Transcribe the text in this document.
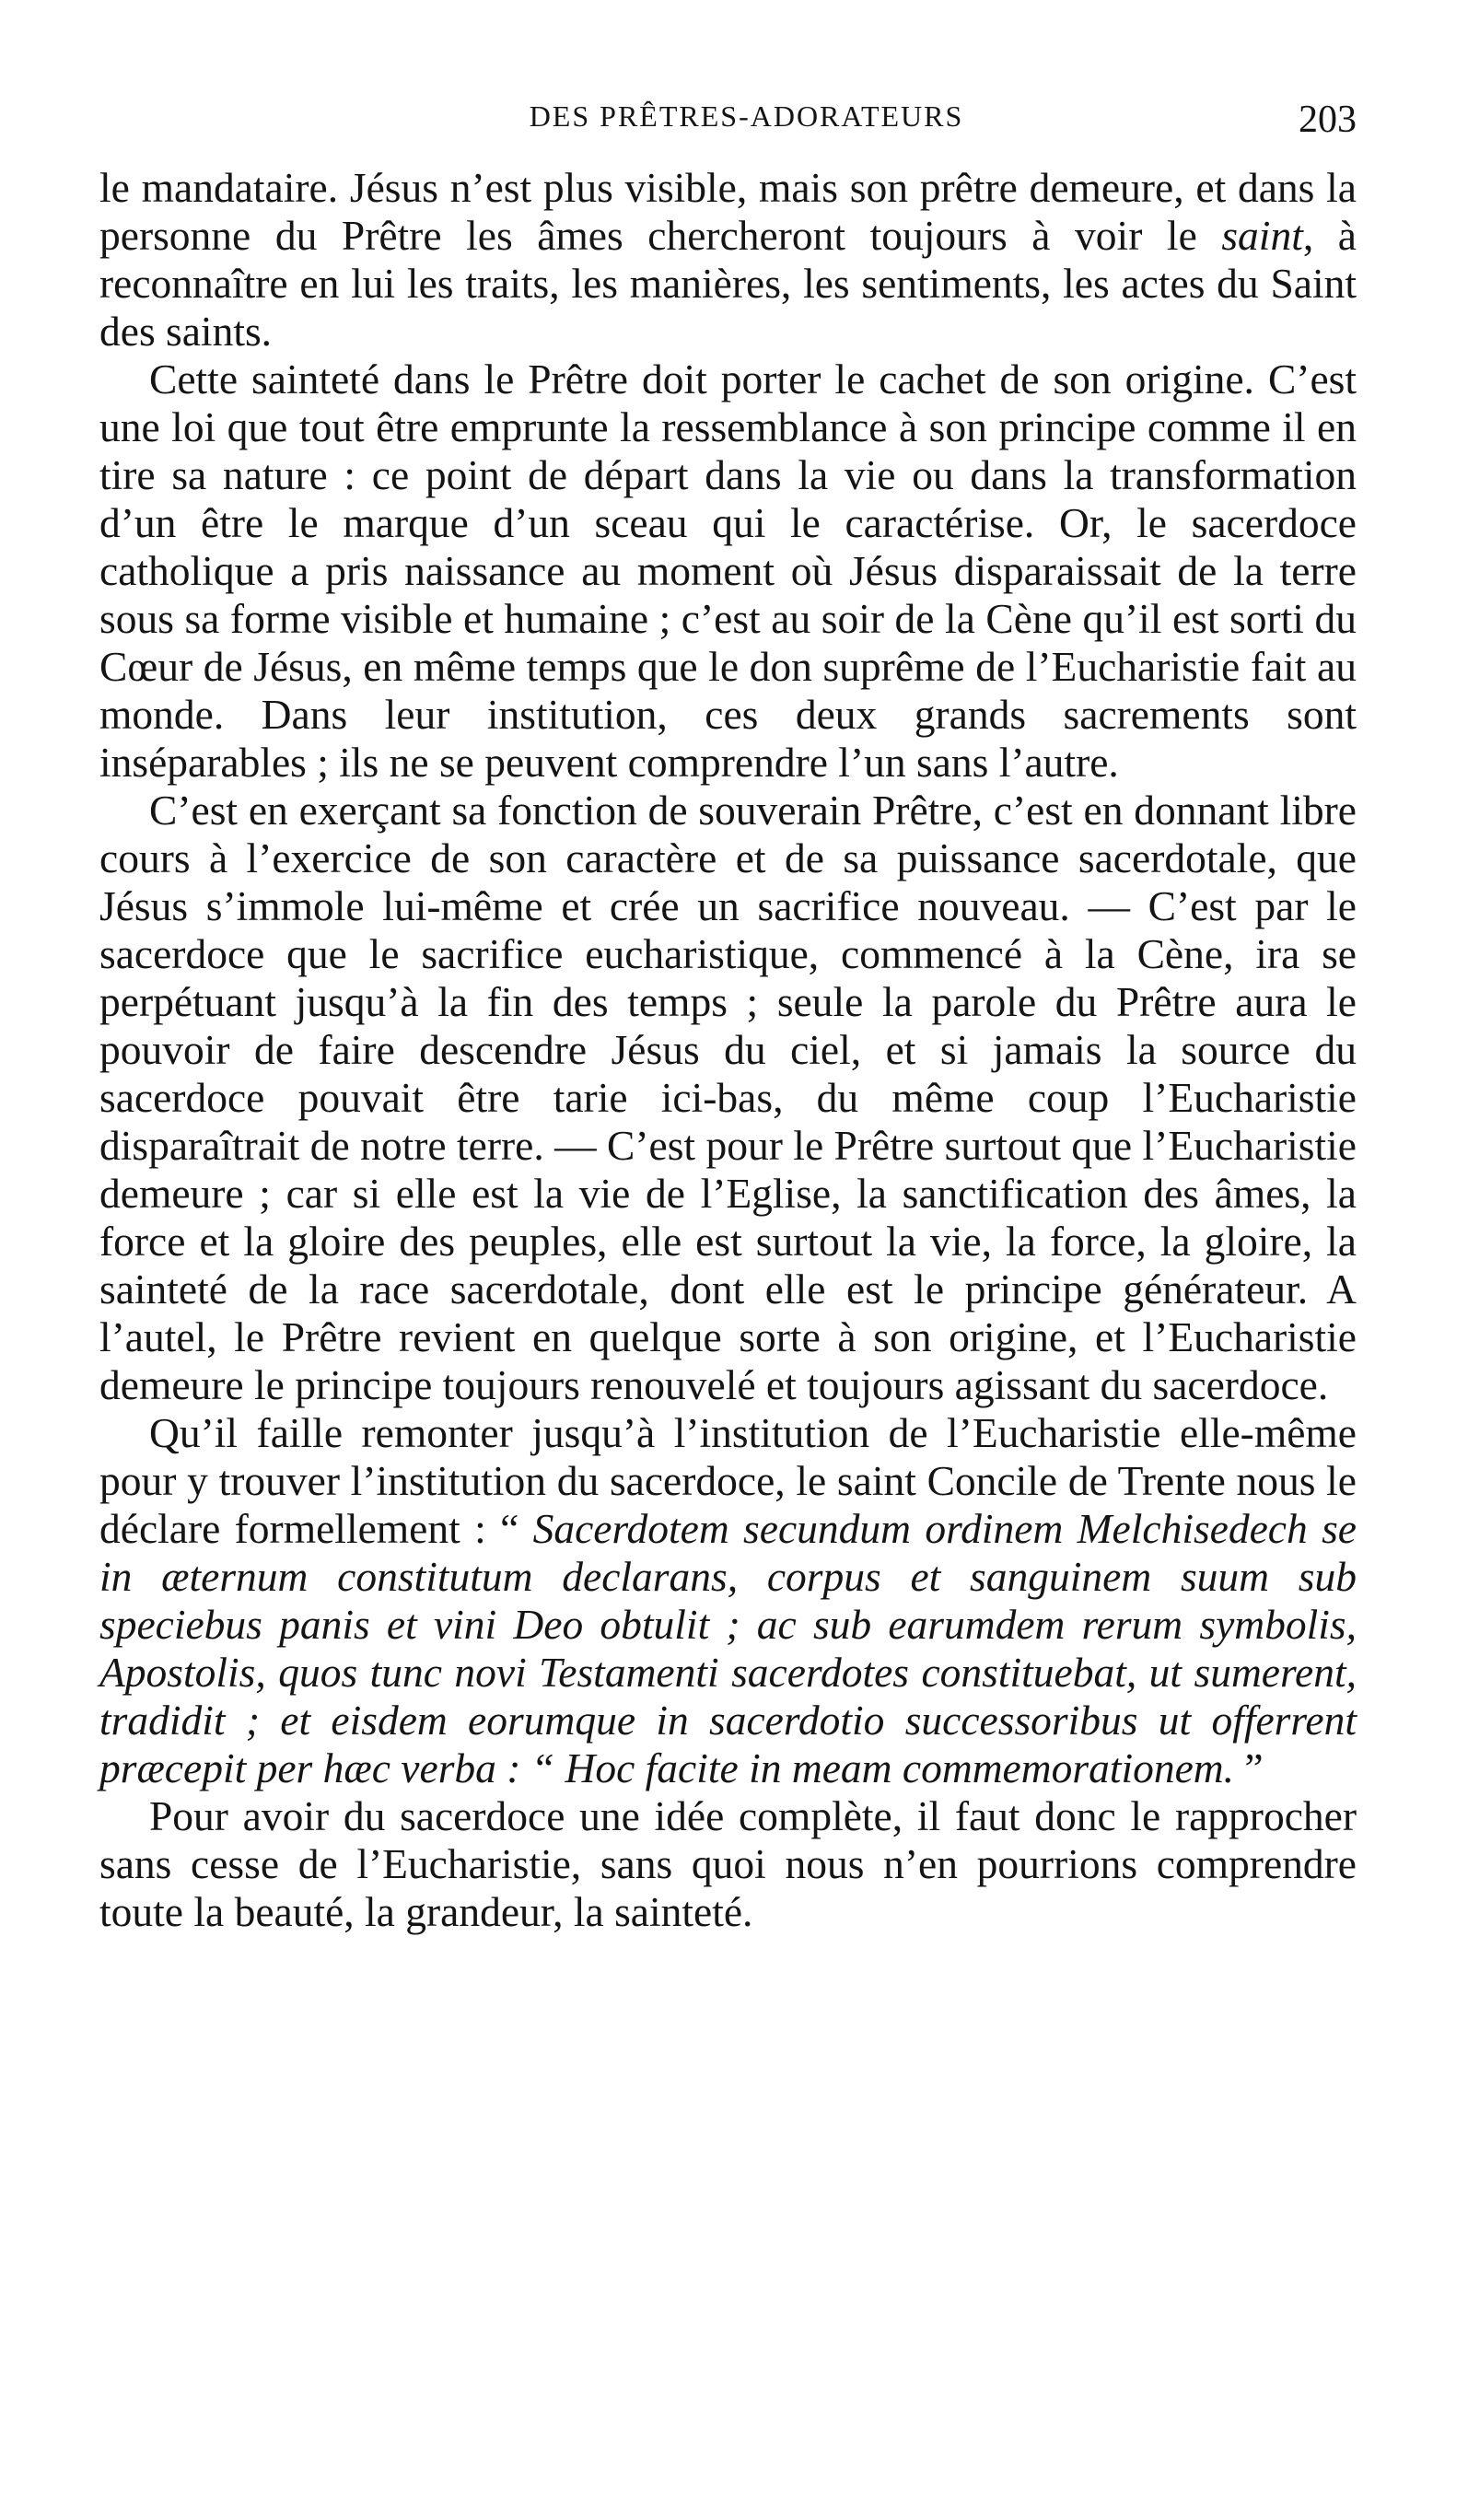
DES PRÊTRES-ADORATEURS	203

le mandataire. Jésus n’est plus visible, mais son prêtre demeure, et dans la personne du Prêtre les âmes chercheront toujours à voir le saint, à reconnaître en lui les traits, les manières, les sentiments, les actes du Saint des saints.

Cette sainteté dans le Prêtre doit porter le cachet de son origine. C’est une loi que tout être emprunte la ressemblance à son principe comme il en tire sa nature : ce point de départ dans la vie ou dans la transformation d’un être le marque d’un sceau qui le caractérise. Or, le sacerdoce catholique a pris naissance au moment où Jésus disparaissait de la terre sous sa forme visible et humaine ; c’est au soir de la Cène qu’il est sorti du Cœur de Jésus, en même temps que le don suprême de l’Eucharistie fait au monde. Dans leur institution, ces deux grands sacrements sont inséparables ; ils ne se peuvent comprendre l’un sans l’autre.

C’est en exerçant sa fonction de souverain Prêtre, c’est en donnant libre cours à l’exercice de son caractère et de sa puissance sacerdotale, que Jésus s’immole lui-même et crée un sacrifice nouveau. — C’est par le sacerdoce que le sacrifice eucharistique, commencé à la Cène, ira se perpétuant jusqu’à la fin des temps ; seule la parole du Prêtre aura le pouvoir de faire descendre Jésus du ciel, et si jamais la source du sacerdoce pouvait être tarie ici-bas, du même coup l’Eucharistie disparaîtrait de notre terre. — C’est pour le Prêtre surtout que l’Eucharistie demeure ; car si elle est la vie de l’Eglise, la sanctification des âmes, la force et la gloire des peuples, elle est surtout la vie, la force, la gloire, la sainteté de la race sacerdotale, dont elle est le principe générateur. A l’autel, le Prêtre revient en quelque sorte à son origine, et l’Eucharistie demeure le principe toujours renouvelé et toujours agissant du sacerdoce.

Qu’il faille remonter jusqu’à l’institution de l’Eucharistie elle-même pour y trouver l’institution du sacerdoce, le saint Concile de Trente nous le déclare formellement : “ Sacerdotem secundum ordinem Melchisedech se in æternum constitutum declarans, corpus et sanguinem suum sub speciebus panis et vini Deo obtulit ; ac sub earumdem rerum symbolis, Apostolis, quos tunc novi Testamenti sacerdotes constituebat, ut sumerent, tradidit ; et eisdem eorumque in sacerdotio successoribus ut offerrent præcepit per hæc verba : “ Hoc facite in meam commemorationem. ”

Pour avoir du sacerdoce une idée complète, il faut donc le rapprocher sans cesse de l’Eucharistie, sans quoi nous n’en pourrions comprendre toute la beauté, la grandeur, la sainteté.
